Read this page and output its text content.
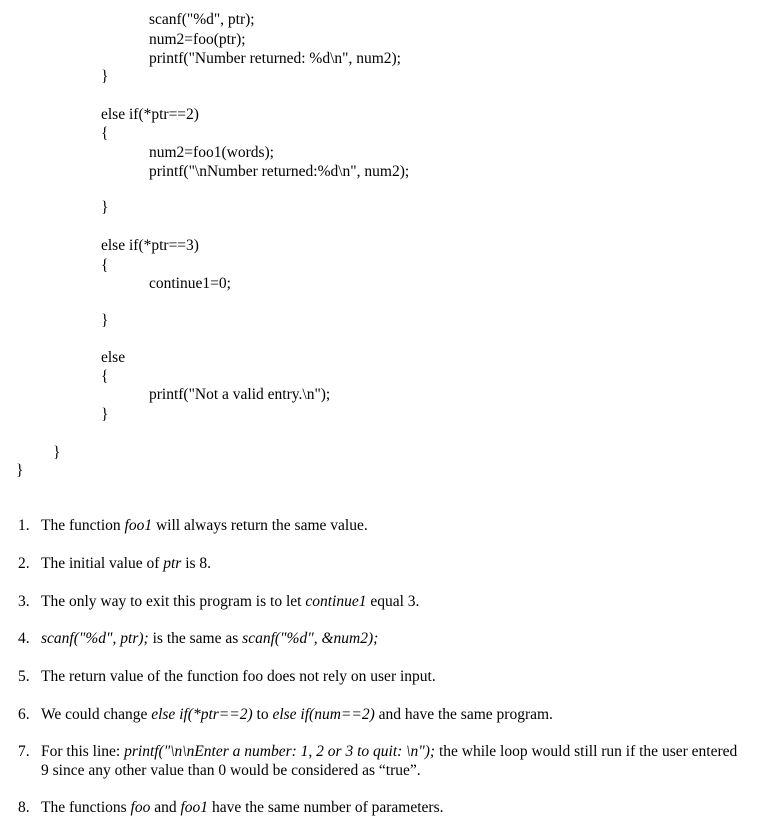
scanf("%d", ptr);
num2=foo(ptr);
printf("Number returned: %d\n", num2);
}
else if(*ptr==2)
{
num2=foo1(words);
printf("\nNumber returned:%d\n", num2);
}
else if(*ptr==3)
{
continue1=0;
}
else
{
printf("Not a valid entry.\n");
}
}
}
1. The function foo1 will always return the same value.
2. The initial value of ptr is 8.
3. The only way to exit this program is to let continue1 equal 3.
4. scanf("%d", ptr); is the same as scanf("%d", &num2);
5. The return value of the function foo does not rely on user input.
6. We could change else if(*ptr==2) to else if(num==2) and have the same program.
7. For this line: printf("\n\nEnter a number: 1, 2 or 3 to quit: \n"); the while loop would still run if the user entered 9 since any other value than 0 would be considered as “true”.
8. The functions foo and foo1 have the same number of parameters.
